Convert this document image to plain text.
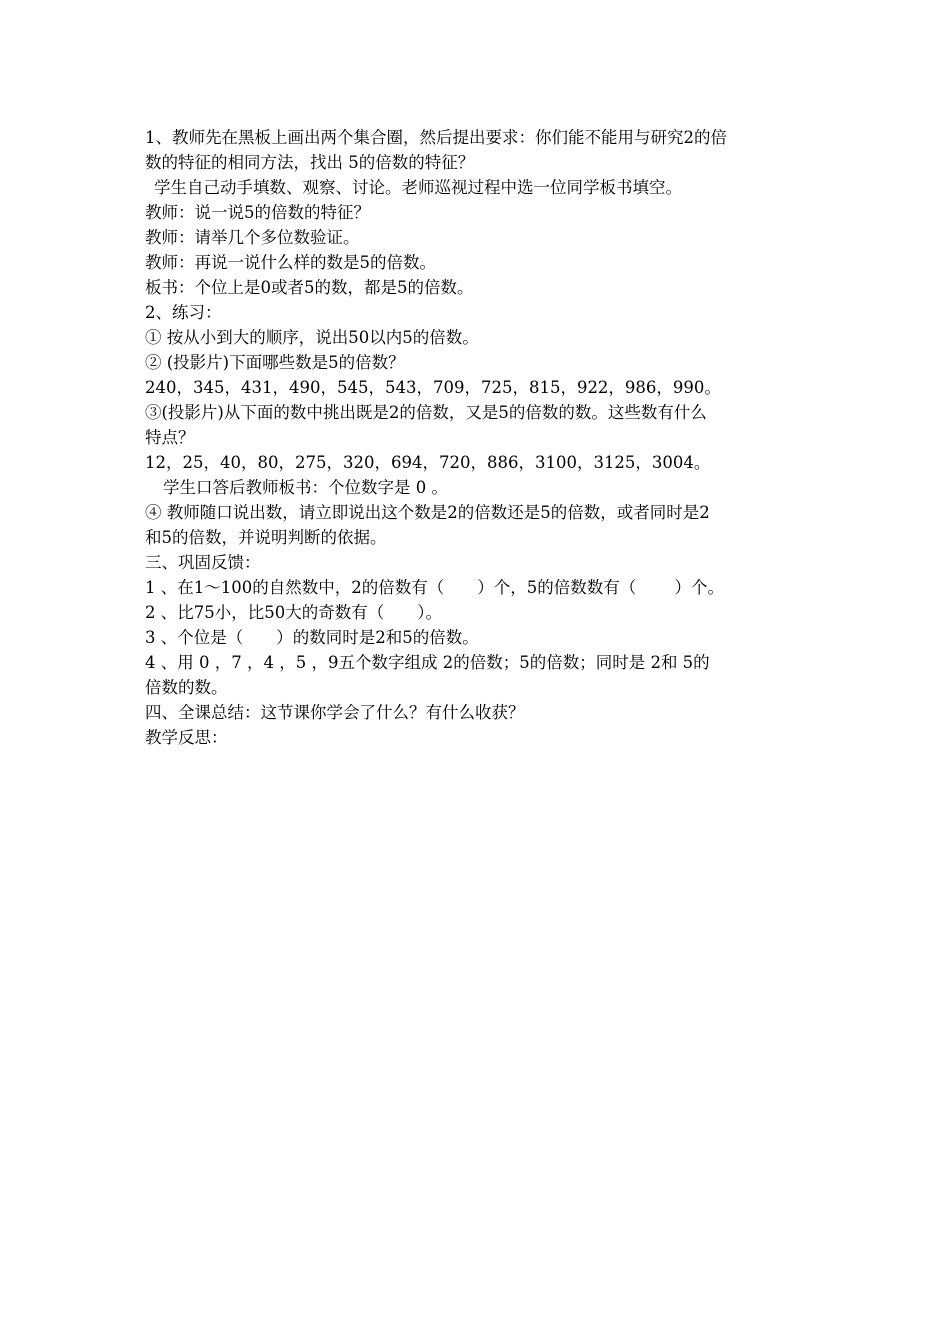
1、教师先在黑板上画出两个集合圈，然后提出要求：你们能不能用与研究2的倍
数的特征的相同方法，找出 5的倍数的特征？
学生自己动手填数、观察、讨论。老师巡视过程中选一位同学板书填空。
教师：说一说5的倍数的特征？
教师：请举几个多位数验证。
教师：再说一说什么样的数是5的倍数。
板书：个位上是0或者5的数，都是5的倍数。
2、练习：
① 按从小到大的顺序，说出50以内5的倍数。
② (投影片)下面哪些数是5的倍数？
240，345，431，490，545，543，709，725，815，922，986，990。
③(投影片)从下面的数中挑出既是2的倍数，又是5的倍数的数。这些数有什么
特点？
12，25，40，80，275，320，694，720，886，3100，3125，3004。
学生口答后教师板书：个位数字是 0 。
④ 教师随口说出数，请立即说出这个数是2的倍数还是5的倍数，或者同时是2
和5的倍数，并说明判断的依据。
三、巩固反馈：
1 、在1～100的自然数中，2的倍数有（　　）个，5的倍数数有（　　 ）个。
2 、比75小，比50大的奇数有（　　）。
3 、个位是（　　）的数同时是2和5的倍数。
4 、用 0 ，7 ，4 ，5 ，9五个数字组成 2的倍数；5的倍数；同时是 2和 5的
倍数的数。
四、全课总结：这节课你学会了什么？有什么收获？
教学反思：
